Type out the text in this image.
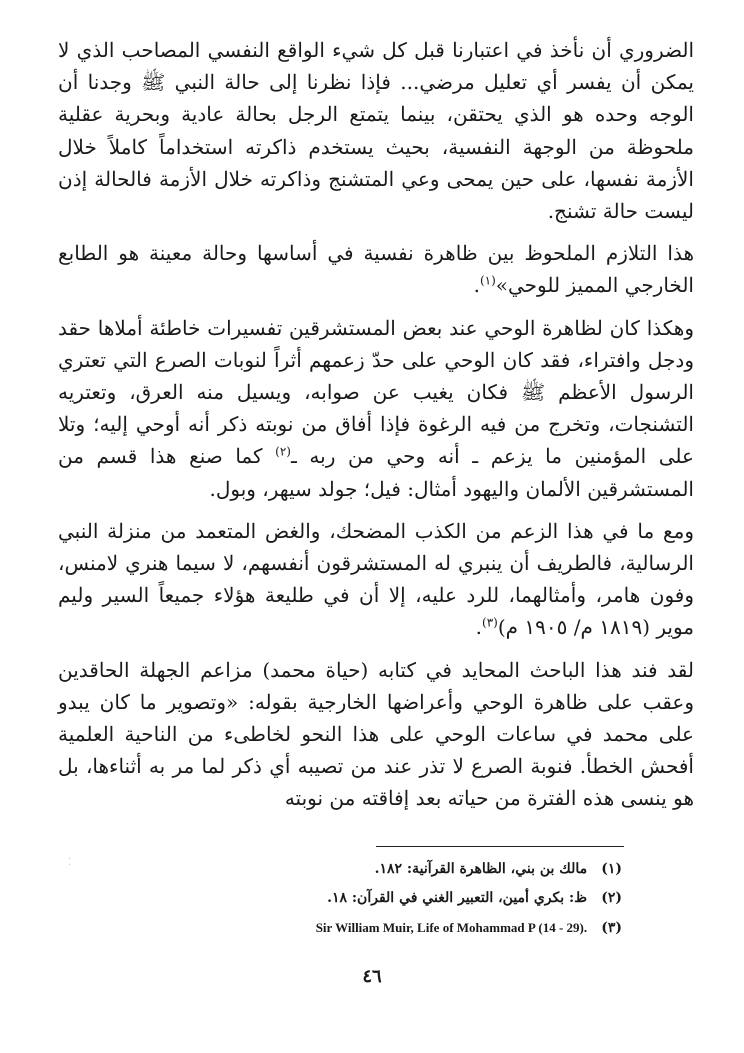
الضروري أن نأخذ في اعتبارنا قبل كل شيء الواقع النفسي المصاحب الذي لا يمكن أن يفسر أي تعليل مرضي... فإذا نظرنا إلى حالة النبي ﷺ وجدنا أن الوجه وحده هو الذي يحتقن، بينما يتمتع الرجل بحالة عادية وبحرية عقلية ملحوظة من الوجهة النفسية، بحيث يستخدم ذاكرته استخداماً كاملاً خلال الأزمة نفسها، على حين يمحى وعي المتشنج وذاكرته خلال الأزمة فالحالة إذن ليست حالة تشنج.

هذا التلازم الملحوظ بين ظاهرة نفسية في أساسها وحالة معينة هو الطابع الخارجي المميز للوحي»$^{(١)}$.

وهكذا كان لظاهرة الوحي عند بعض المستشرقين تفسيرات خاطئة أملاها حقد ودجل وافتراء، فقد كان الوحي على حدّ زعمهم أثراً لنوبات الصرع التي تعتري الرسول الأعظم ﷺ فكان يغيب عن صوابه، ويسيل منه العرق، وتعتريه التشنجات، وتخرج من فيه الرغوة فإذا أفاق من نوبته ذكر أنه أوحي إليه؛ وتلا على المؤمنين ما يزعم ـ أنه وحي من ربه ـ$^{(٢)}$ كما صنع هذا قسم من المستشرقين الألمان واليهود أمثال: فيل؛ جولد سيهر، وبول.

ومع ما في هذا الزعم من الكذب المضحك، والغض المتعمد من منزلة النبي الرسالية، فالطريف أن ينبري له المستشرقون أنفسهم، لا سيما هنري لامنس، وفون هامر، وأمثالهما، للرد عليه، إلا أن في طليعة هؤلاء جميعاً السير وليم موير (١٨١٩ م/ ١٩٠٥ م)$^{(٣)}$.

لقد فند هذا الباحث المحايد في كتابه (حياة محمد) مزاعم الجهلة الحاقدين وعقب على ظاهرة الوحي وأعراضها الخارجية بقوله: «وتصوير ما كان يبدو على محمد في ساعات الوحي على هذا النحو لخاطىء من الناحية العلمية أفحش الخطأ. فنوبة الصرع لا تذر عند من تصيبه أي ذكر لما مر به أثناءها، بل هو ينسى هذه الفترة من حياته بعد إفاقته من نوبته

⁚	(١) مالك بن بني، الظاهرة القرآنية: ١٨٢.
(٢) ظ: بكري أمين، التعبير الغني في القرآن: ١٨.
(٣) Sir William Muir, Life of Mohammad P (14 - 29).
٤٦
